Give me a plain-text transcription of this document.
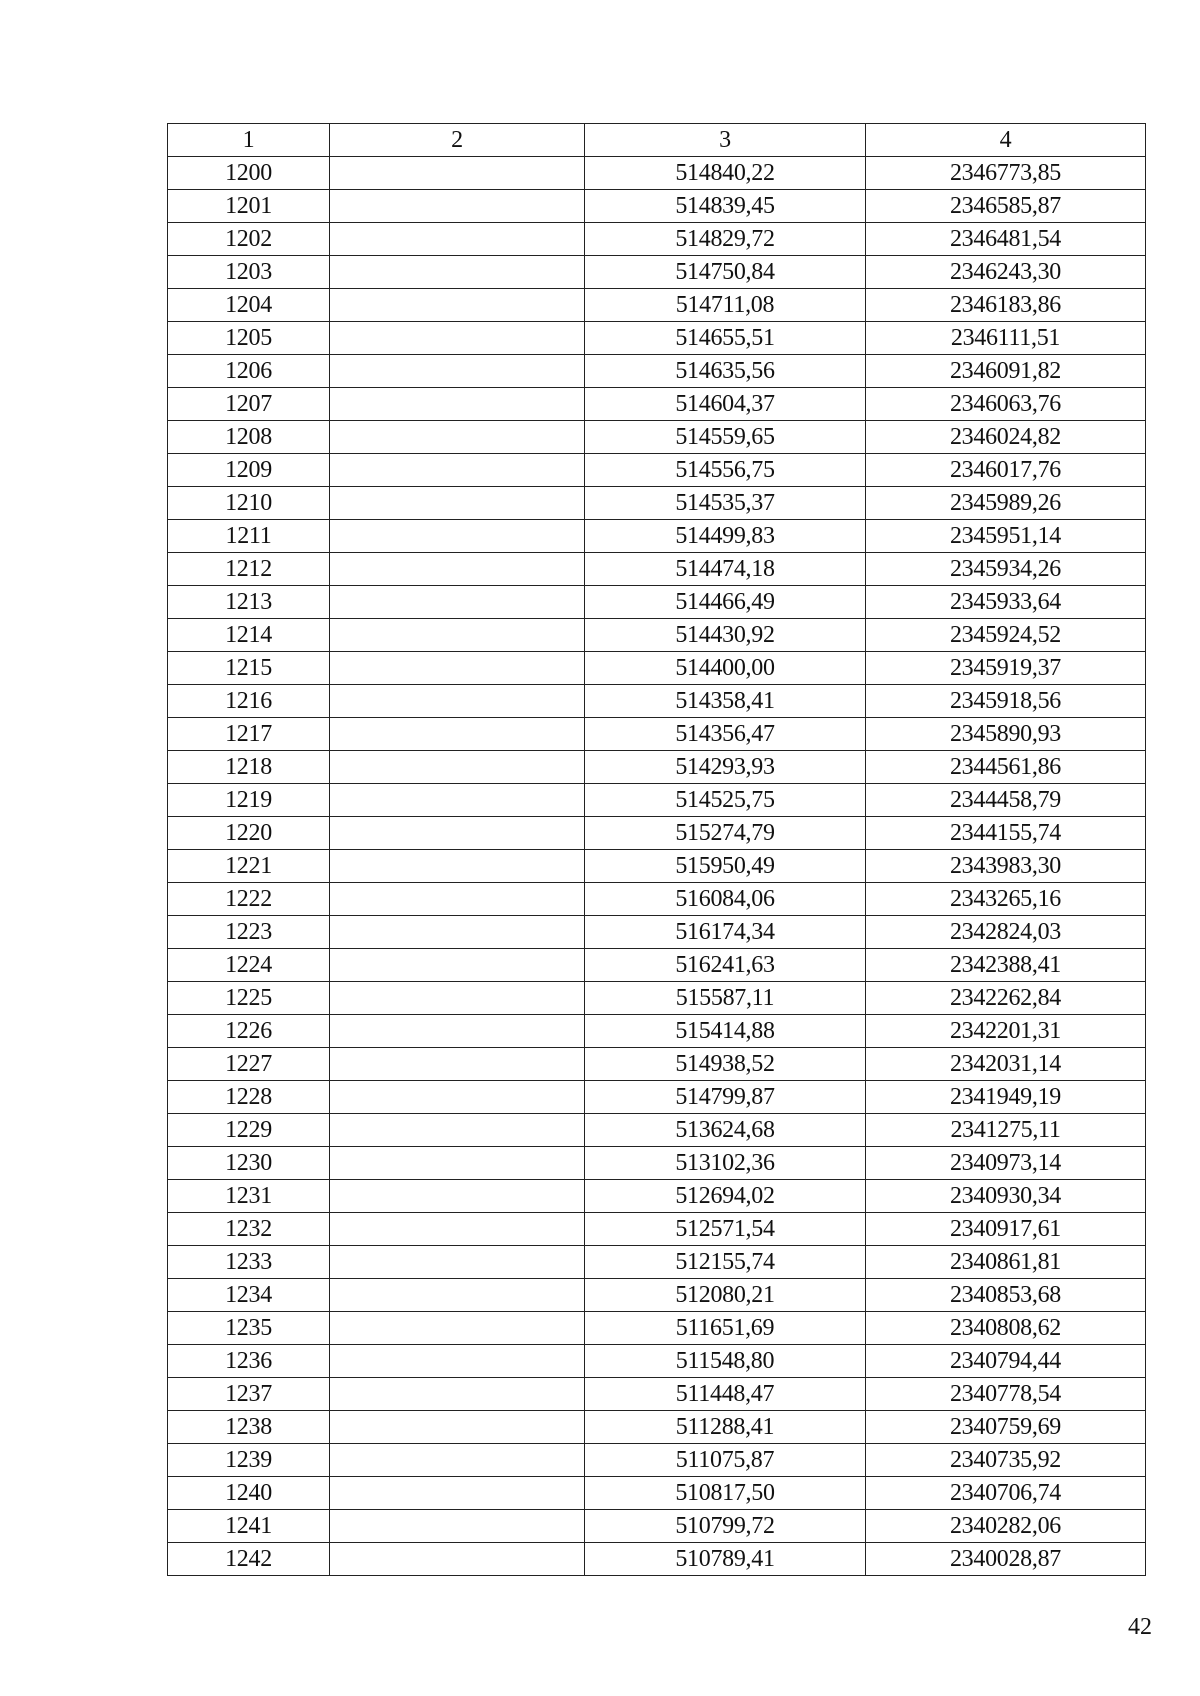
1	2	3	4
1200		514840,22	2346773,85
1201		514839,45	2346585,87
1202		514829,72	2346481,54
1203		514750,84	2346243,30
1204		514711,08	2346183,86
1205		514655,51	2346111,51
1206		514635,56	2346091,82
1207		514604,37	2346063,76
1208		514559,65	2346024,82
1209		514556,75	2346017,76
1210		514535,37	2345989,26
1211		514499,83	2345951,14
1212		514474,18	2345934,26
1213		514466,49	2345933,64
1214		514430,92	2345924,52
1215		514400,00	2345919,37
1216		514358,41	2345918,56
1217		514356,47	2345890,93
1218		514293,93	2344561,86
1219		514525,75	2344458,79
1220		515274,79	2344155,74
1221		515950,49	2343983,30
1222		516084,06	2343265,16
1223		516174,34	2342824,03
1224		516241,63	2342388,41
1225		515587,11	2342262,84
1226		515414,88	2342201,31
1227		514938,52	2342031,14
1228		514799,87	2341949,19
1229		513624,68	2341275,11
1230		513102,36	2340973,14
1231		512694,02	2340930,34
1232		512571,54	2340917,61
1233		512155,74	2340861,81
1234		512080,21	2340853,68
1235		511651,69	2340808,62
1236		511548,80	2340794,44
1237		511448,47	2340778,54
1238		511288,41	2340759,69
1239		511075,87	2340735,92
1240		510817,50	2340706,74
1241		510799,72	2340282,06
1242		510789,41	2340028,87
42
